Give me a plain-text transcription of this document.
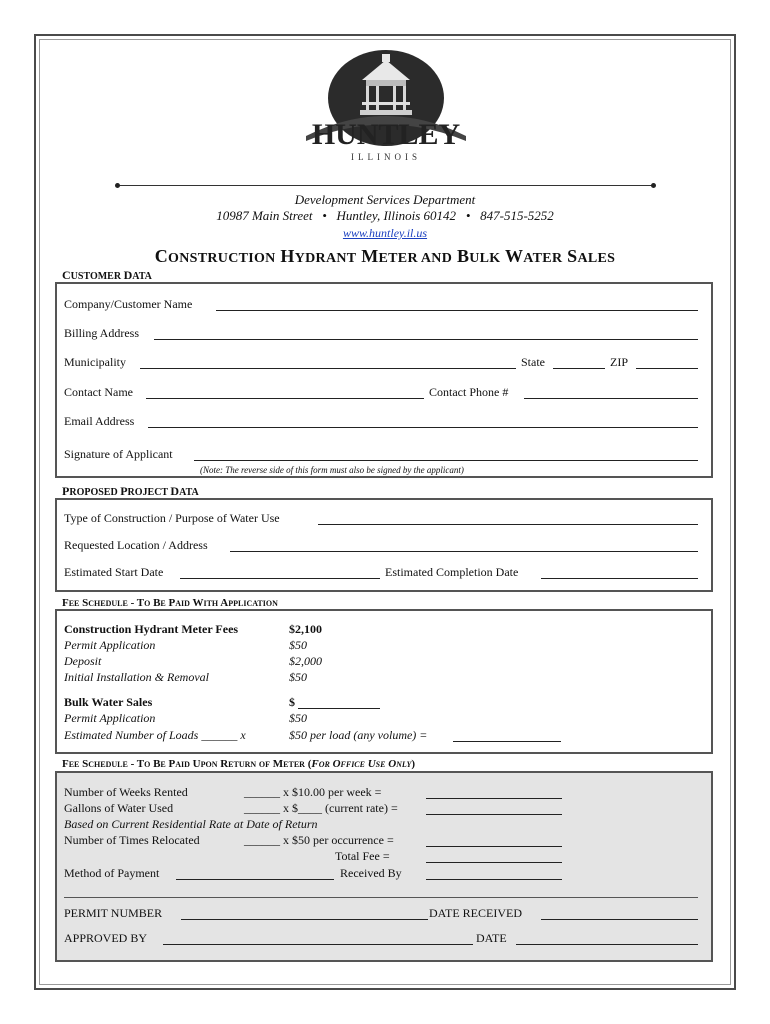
HUNTLEY
ILLINOIS
Development Services Department
10987 Main Street • Huntley, Illinois 60142 • 847-515-5252
www.huntley.il.us
CONSTRUCTION HYDRANT METER AND BULK WATER SALES
CUSTOMER DATA
Company/Customer Name
Billing Address
Municipality	State	ZIP
Contact Name	Contact Phone #
Email Address
Signature of Applicant
(Note: The reverse side of this form must also be signed by the applicant)
PROPOSED PROJECT DATA
Type of Construction / Purpose of Water Use
Requested Location / Address
Estimated Start Date	Estimated Completion Date
Fee Schedule - To Be Paid With Application
Construction Hydrant Meter Fees	$2,100
Permit Application	$50
Deposit	$2,000
Initial Installation & Removal	$50
Bulk Water Sales	$
Permit Application	$50
Estimated Number of Loads ______ x	$50 per load (any volume) =
Fee Schedule - To Be Paid Upon Return of Meter (For Office Use Only)
Number of Weeks Rented	______ x $10.00 per week =
Gallons of Water Used	______ x $____ (current rate) =
Based on Current Residential Rate at Date of Return
Number of Times Relocated	______ x $50 per occurrence =
Total Fee =
Method of Payment	Received By
PERMIT NUMBER	DATE RECEIVED
APPROVED BY	DATE
